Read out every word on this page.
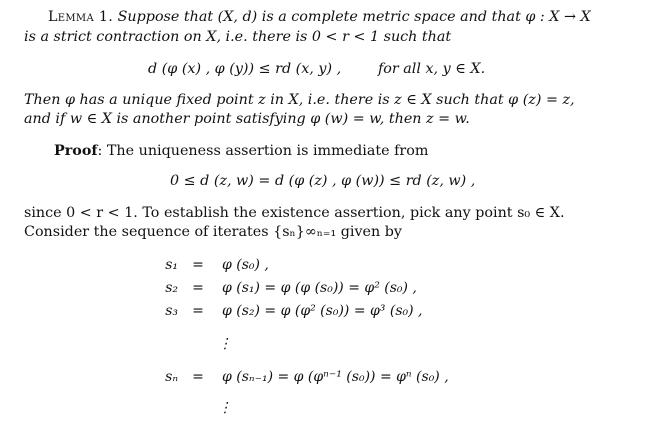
Lemma 1. Suppose that (X, d) is a complete metric space and that φ : X → X
is a strict contraction on X, i.e. there is 0 < r < 1 such that
d (φ (x) , φ (y)) ≤ rd (x, y) ,	for all x, y ∈ X.
Then φ has a unique fixed point z in X, i.e. there is z ∈ X such that φ (z) = z,
and if w ∈ X is another point satisfying φ (w) = w, then z = w.
Proof: The uniqueness assertion is immediate from
0 ≤ d (z, w) = d (φ (z) , φ (w)) ≤ rd (z, w) ,
since 0 < r < 1. To establish the existence assertion, pick any point s₀ ∈ X.
Consider the sequence of iterates {sₙ}∞ₙ₌₁ given by
s₁ = φ (s₀) ,
s₂ = φ (s₁) = φ (φ (s₀)) = φ² (s₀) ,
s₃ = φ (s₂) = φ (φ² (s₀)) = φ³ (s₀) ,
⋮
sₙ = φ (sₙ₋₁) = φ (φⁿ⁻¹ (s₀)) = φⁿ (s₀) ,
⋮
